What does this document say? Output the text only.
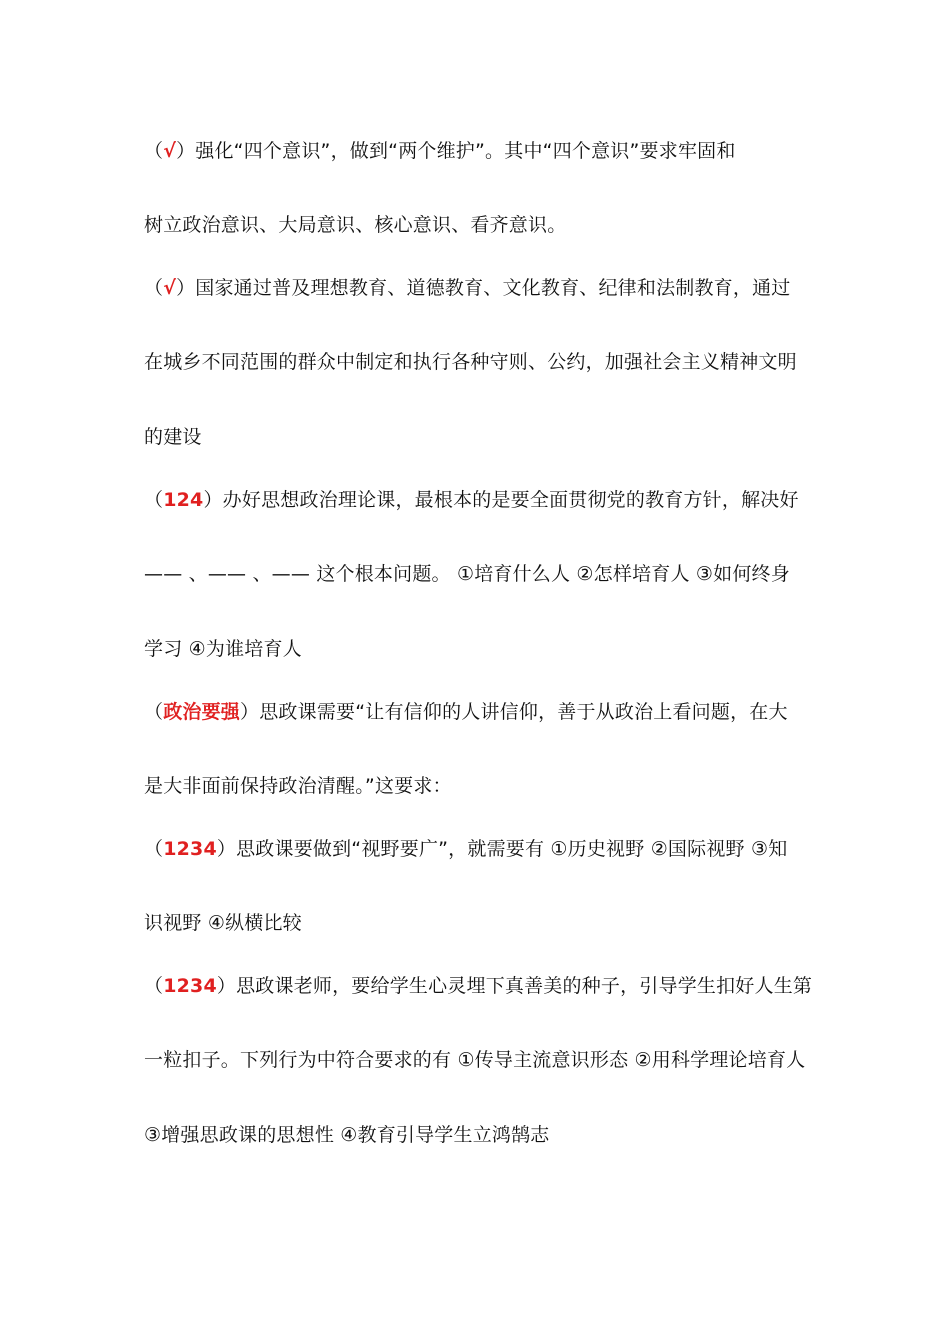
（√）强化“四个意识”，做到“两个维护”。其中“四个意识”要求牢固和
树立政治意识、大局意识、核心意识、看齐意识。
（√）国家通过普及理想教育、道德教育、文化教育、纪律和法制教育，通过
在城乡不同范围的群众中制定和执行各种守则、公约，加强社会主义精神文明
的建设
（124）办好思想政治理论课，最根本的是要全面贯彻党的教育方针，解决好
—— 、—— 、—— 这个根本问题。 ①培育什么人 ②怎样培育人 ③如何终身
学习 ④为谁培育人
（政治要强）思政课需要“让有信仰的人讲信仰，善于从政治上看问题，在大
是大非面前保持政治清醒。”这要求：
（1234）思政课要做到“视野要广”，就需要有 ①历史视野 ②国际视野 ③知
识视野 ④纵横比较
（1234）思政课老师，要给学生心灵埋下真善美的种子，引导学生扣好人生第
一粒扣子。下列行为中符合要求的有 ①传导主流意识形态 ②用科学理论培育人
③增强思政课的思想性 ④教育引导学生立鸿鹄志
